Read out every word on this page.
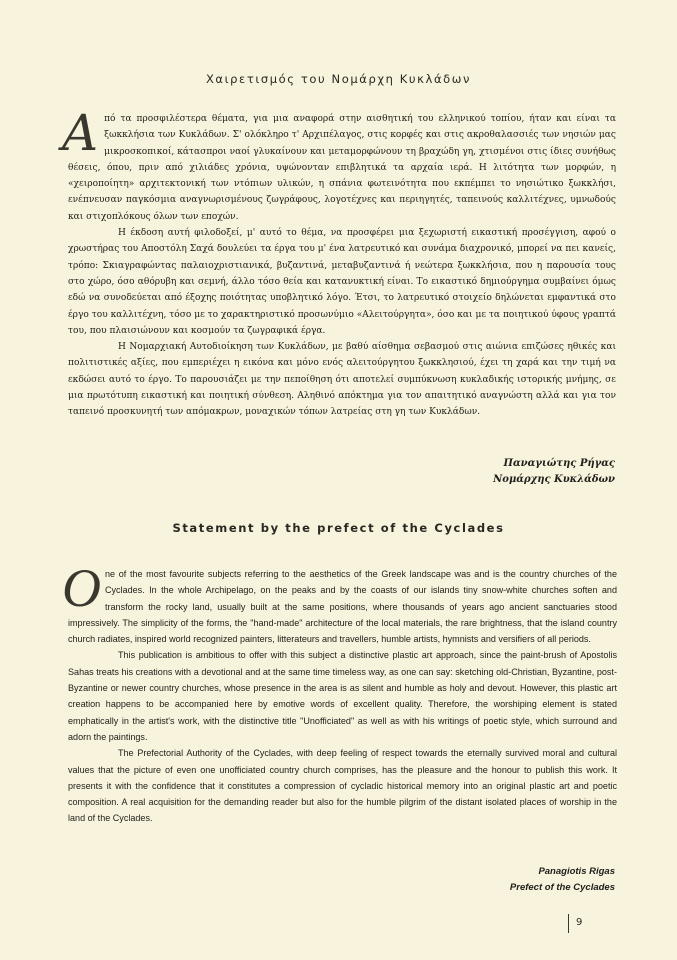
Χαιρετισμός του Νομάρχη Κυκλάδων
Α πό τα προσφιλέστερα θέματα, για μια αναφορά στην αισθητική του ελληνικού τοπίου, ήταν και είναι τα ξωκκλήσια των Κυκλάδων. Σ' ολόκληρο τ' Αρχιπέλαγος, στις κορφές και στις ακροθαλασσιές των νησιών μας μικροσκοπικοί, κάτασπροι ναοί γλυκαίνουν και μεταμορφώνουν τη βραχώδη γη, χτισμένοι στις ίδιες συνήθως θέσεις, όπου, πριν από χιλιάδες χρόνια, υψώνονταν επιβλητικά τα αρχαία ιερά. Η λιτότητα των μορφών, η «χειροποίητη» αρχιτεκτονική των ντόπιων υλικών, η σπάνια φωτεινότητα που εκπέμπει το νησιώτικο ξωκκλήσι, ενέπνευσαν παγκόσμια αναγνωρισμένους ζωγράφους, λογοτέχνες και περιηγητές, ταπεινούς καλλιτέχνες, υμνωδούς και στιχοπλόκους όλων των εποχών.

Η έκδοση αυτή φιλοδοξεί, μ' αυτό το θέμα, να προσφέρει μια ξεχωριστή εικαστική προσέγγιση, αφού ο χρωστήρας του Αποστόλη Σαχά δουλεύει τα έργα του μ' ένα λατρευτικό και συνάμα διαχρονικό, μπορεί να πει κανείς, τρόπο: Σκιαγραφώντας παλαιοχριστιανικά, βυζαντινά, μεταβυζαντινά ή νεώτερα ξωκκλήσια, που η παρουσία τους στο χώρο, όσο αθόρυβη και σεμνή, άλλο τόσο θεία και κατανυκτική είναι. Το εικαστικό δημιούργημα συμβαίνει όμως εδώ να συνοδεύεται από έξοχης ποιότητας υποβλητικό λόγο. Έτσι, το λατρευτικό στοιχείο δηλώνεται εμφαντικά στο έργο του καλλιτέχνη, τόσο με το χαρακτηριστικό προσωνύμιο «Αλειτούργητα», όσο και με τα ποιητικού ύφους γραπτά του, που πλαισιώνουν και κοσμούν τα ζωγραφικά έργα.

Η Νομαρχιακή Αυτοδιοίκηση των Κυκλάδων, με βαθύ αίσθημα σεβασμού στις αιώνια επιζώσες ηθικές και πολιτιστικές αξίες, που εμπεριέχει η εικόνα και μόνο ενός αλειτούργητου ξωκκλησιού, έχει τη χαρά και την τιμή να εκδώσει αυτό το έργο. Το παρουσιάζει με την πεποίθηση ότι αποτελεί συμπύκνωση κυκλαδικής ιστορικής μνήμης, σε μια πρωτότυπη εικαστική και ποιητική σύνθεση. Αληθινό απόκτημα για τον απαιτητικό αναγνώστη αλλά και για τον ταπεινό προσκυνητή των απόμακρων, μοναχικών τόπων λατρείας στη γη των Κυκλάδων.

Παναγιώτης Ρήγας
Νομάρχης Κυκλάδων
Statement by the prefect of the Cyclades
O ne of the most favourite subjects referring to the aesthetics of the Greek landscape was and is the country churches of the Cyclades. In the whole Archipelago, on the peaks and by the coasts of our islands tiny snow-white churches soften and transform the rocky land, usually built at the same positions, where thousands of years ago ancient sanctuaries stood impressively. The simplicity of the forms, the "hand-made" architecture of the local materials, the rare brightness, that the island country church radiates, inspired world recognized painters, litterateurs and travellers, humble artists, hymnists and versifiers of all periods.

This publication is ambitious to offer with this subject a distinctive plastic art approach, since the paint-brush of Apostolis Sahas treats his creations with a devotional and at the same time timeless way, as one can say: sketching old-Christian, Byzantine, post-Byzantine or newer country churches, whose presence in the area is as silent and humble as holy and devout. However, this plastic art creation happens to be accompanied here by emotive words of excellent quality. Therefore, the worshiping element is stated emphatically in the artist's work, with the distinctive title "Unofficiated" as well as with his writings of poetic style, which surround and adorn the paintings.

The Prefectorial Authority of the Cyclades, with deep feeling of respect towards the eternally survived moral and cultural values that the picture of even one unofficiated country church comprises, has the pleasure and the honour to publish this work. It presents it with the confidence that it constitutes a compression of cycladic historical memory into an original plastic art and poetic composition. A real acquisition for the demanding reader but also for the humble pilgrim of the distant isolated places of worship in the land of the Cyclades.

Panagiotis Rigas
Prefect of the Cyclades
9
